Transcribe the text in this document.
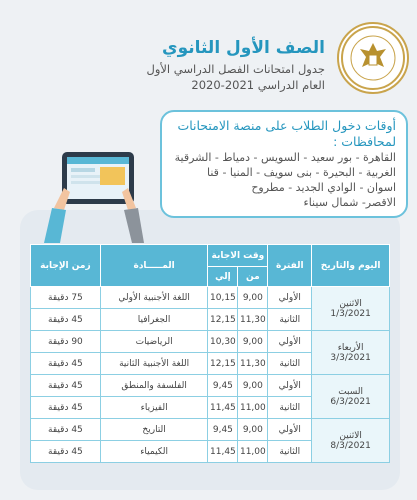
الصف الأول الثانوي
جدول امتحانات الفصل الدراسي الأول
العام الدراسي 2021-2020
أوقات دخول الطلاب على منصة الامتحانات
لمحافظات :
القاهرة - بور سعيد - السويس - دمياط - الشرقية
الغربية - البحيرة - بنى سويف - المنيا - قنا
اسوان - الوادي الجديد - مطروح
الاقصر- شمال سيناء
اليوم والتاريخ	الفترة	وقت الاجابة		المـــــادة	زمن الإجابة
		من	إلي		

الاثنين
1/3/2021	الأولي	9,00	10,15	اللغة الأجنبية الأولي	75 دقيقة
	الثانية	11,30	12,15	الجغرافيا	45 دقيقة

الأربعاء
3/3/2021	الأولي	9,00	10,30	الرياضيات	90 دقيقة
	الثانية	11,30	12,15	اللغة الأجنبية الثانية	45 دقيقة

السبت
6/3/2021	الأولي	9,00	9,45	الفلسفة والمنطق	45 دقيقة
	الثانية	11,00	11,45	الفيزياء	45 دقيقة

الاثنين
8/3/2021	الأولي	9,00	9,45	التاريخ	45 دقيقة
	الثانية	11,00	11,45	الكيمياء	45 دقيقة
